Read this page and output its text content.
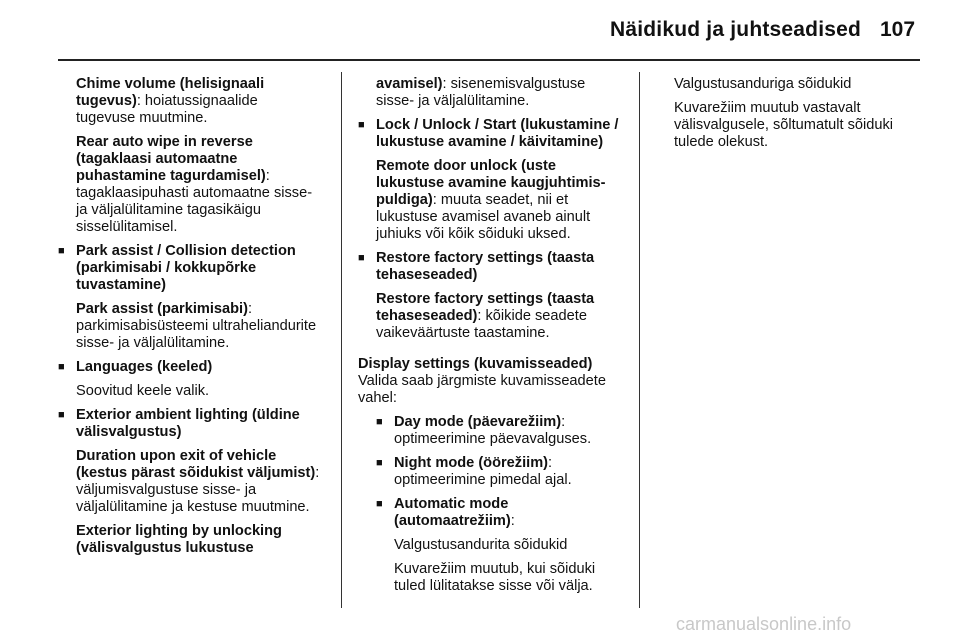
Näidikud ja juhtseadised 107

Chime volume (helisignaali tugevus): hoiatussignaalide tugevuse muutmine.

Rear auto wipe in reverse (tagaklaasi automaatne puhastamine tagurdamisel): tagaklaasipuhasti automaatne sisse- ja väljalülitamine tagasikäigu sisselülitamisel.

■ Park assist / Collision detection (parkimisabi / kokkupõrke tuvastamine)

Park assist (parkimisabi): parkimisabisüsteemi ultraheliandurite sisse- ja väljalülitamine.

■ Languages (keeled)

Soovitud keele valik.

■ Exterior ambient lighting (üldine välisvalgustus)

Duration upon exit of vehicle (kestus pärast sõidukist väljumist): väljumisvalgustuse sisse- ja väljalülitamine ja kestuse muutmine.

Exterior lighting by unlocking (välisvalgustus lukustuse

avamisel): sisenemisvalgustuse sisse- ja väljalülitamine.

■ Lock / Unlock / Start (lukustamine / lukustuse avamine / käivitamine)

Remote door unlock (uste lukustuse avamine kaugjuhtimis-puldiga): muuta seadet, nii et lukustuse avamisel avaneb ainult juhiuks või kõik sõiduki uksed.

■ Restore factory settings (taasta tehaseseaded)

Restore factory settings (taasta tehaseseaded): kõikide seadete vaikeväärtuste taastamine.

Display settings (kuvamisseaded)

Valida saab järgmiste kuvamisseadete vahel:

■ Day mode (päevarežiim): optimeerimine päevavalguses.
■ Night mode (öörežiim): optimeerimine pimedal ajal.
■ Automatic mode (automaatrežiim):

Valgustusandurita sõidukid

Kuvarežiim muutub, kui sõiduki tuled lülitatakse sisse või välja.

Valgustusanduriga sõidukid

Kuvarežiim muutub vastavalt välisvalgusele, sõltumatult sõiduki tulede olekust.

carmanualsonline.info
